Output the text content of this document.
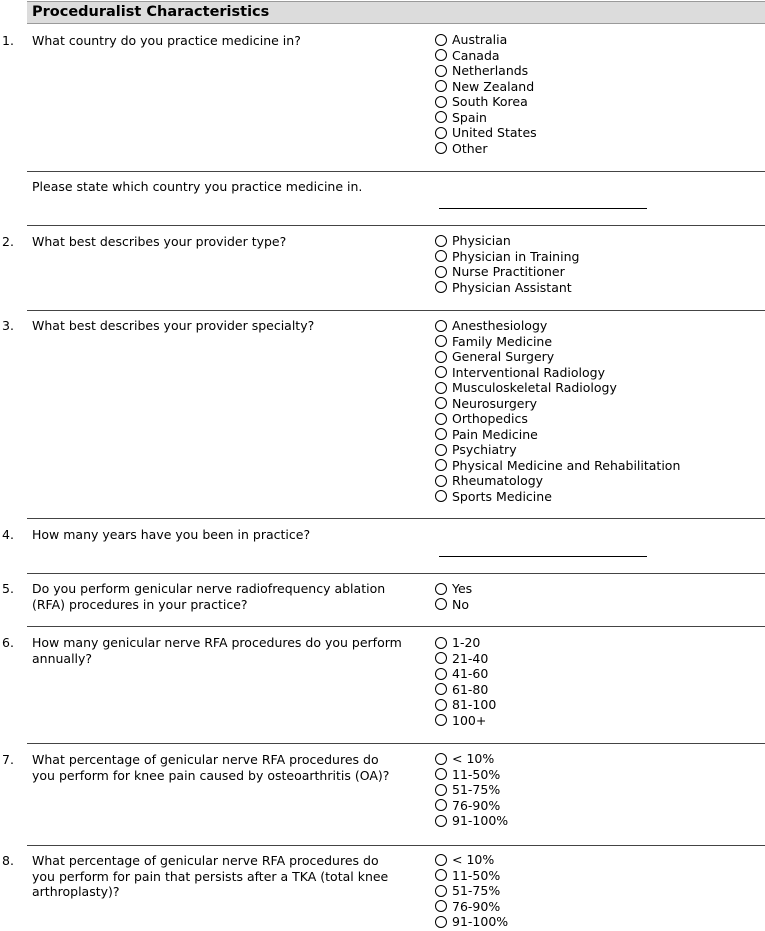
Proceduralist Characteristics
1. What country do you practice medicine in?	Australia
Canada
Netherlands
New Zealand
South Korea
Spain
United States
Other
Please state which country you practice medicine in.
2. What best describes your provider type?	Physician
Physician in Training
Nurse Practitioner
Physician Assistant
3. What best describes your provider specialty?	Anesthesiology
Family Medicine
General Surgery
Interventional Radiology
Musculoskeletal Radiology
Neurosurgery
Orthopedics
Pain Medicine
Psychiatry
Physical Medicine and Rehabilitation
Rheumatology
Sports Medicine
4. How many years have you been in practice?
5. Do you perform genicular nerve radiofrequency ablation (RFA) procedures in your practice?
Yes
No
6. How many genicular nerve RFA procedures do you perform annually?
1-20
21-40
41-60
61-80
81-100
100+
7. What percentage of genicular nerve RFA procedures do you perform for knee pain caused by osteoarthritis (OA)?
< 10%
11-50%
51-75%
76-90%
91-100%
8. What percentage of genicular nerve RFA procedures do you perform for pain that persists after a TKA (total knee arthroplasty)?
< 10%
11-50%
51-75%
76-90%
91-100%
